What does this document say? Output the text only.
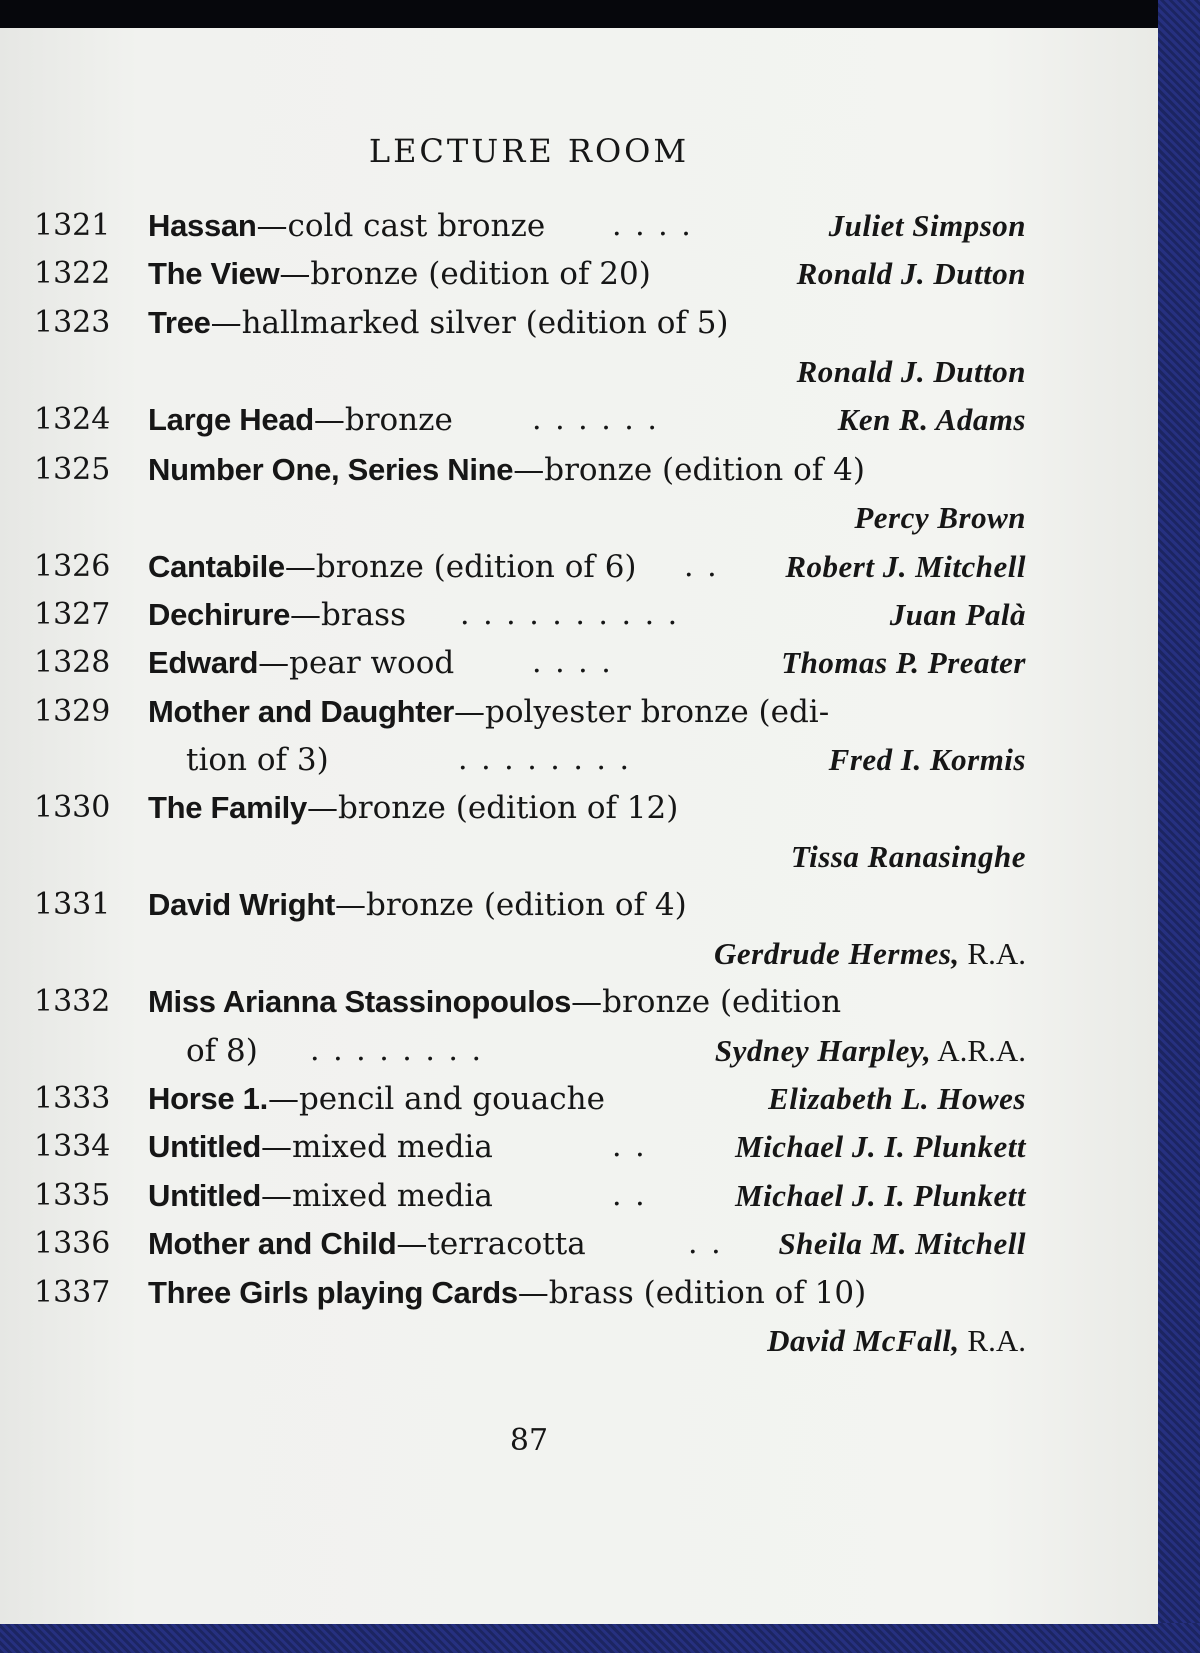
LECTURE ROOM
1321 Hassan—cold cast bronze . . . .	Juliet Simpson
1322 The View—bronze (edition of 20)	Ronald J. Dutton
1323 Tree—hallmarked silver (edition of 5)
Ronald J. Dutton
1324 Large Head—bronze	. . . . . .	Ken R. Adams
1325 Number One, Series Nine—bronze (edition of 4)
Percy Brown
1326 Cantabile—bronze (edition of 6) . . Robert J. Mitchell
1327 Dechirure—brass . . . . . . . . . .	Juan Palà
1328 Edward—pear wood	. . . .	Thomas P. Preater
1329 Mother and Daughter—polyester bronze (edi-
tion of 3)	. . . . . . . .	Fred I. Kormis
1330 The Family—bronze (edition of 12)
Tissa Ranasinghe
1331 David Wright—bronze (edition of 4)
Gerdrude Hermes, R.A.
1332 Miss Arianna Stassinopoulos—bronze (edition
of 8) . . . . . . . .	Sydney Harpley, A.R.A.
1333 Horse 1.—pencil and gouache	Elizabeth L. Howes
1334 Untitled—mixed media	. .	Michael J. I. Plunkett
1335 Untitled—mixed media	. .	Michael J. I. Plunkett
1336 Mother and Child—terracotta	. . Sheila M. Mitchell
1337 Three Girls playing Cards—brass (edition of 10)
David McFall, R.A.
87
